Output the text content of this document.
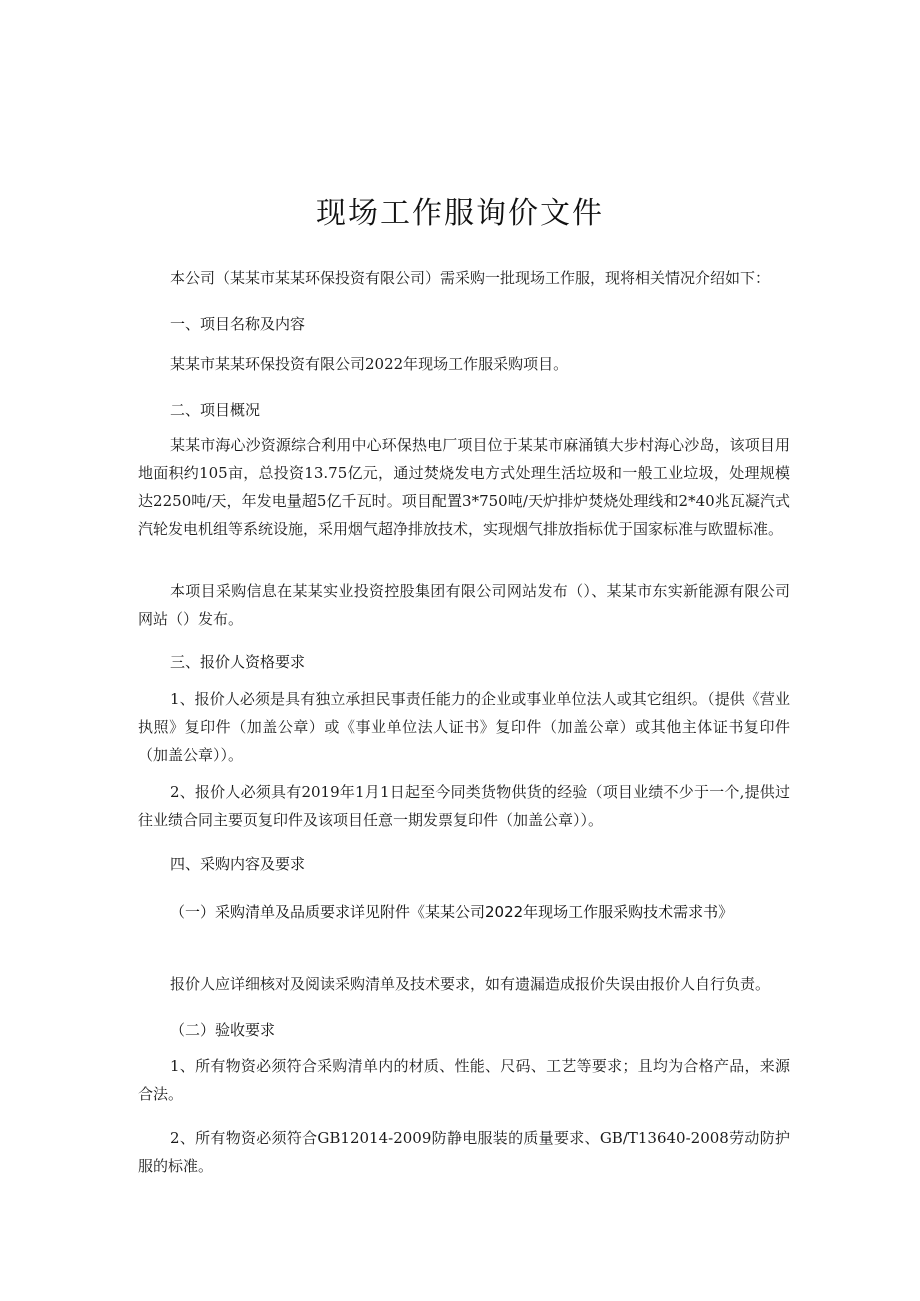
现场工作服询价文件

本公司（某某市某某环保投资有限公司）需采购一批现场工作服，现将相关情况介绍如下：

一、项目名称及内容

某某市某某环保投资有限公司2022年现场工作服采购项目。

二、项目概况

某某市海心沙资源综合利用中心环保热电厂项目位于某某市麻涌镇大步村海心沙岛，该项目用地面积约105亩，总投资13.75亿元，通过焚烧发电方式处理生活垃圾和一般工业垃圾，处理规模达2250吨/天，年发电量超5亿千瓦时。项目配置3*750吨/天炉排炉焚烧处理线和2*40兆瓦凝汽式汽轮发电机组等系统设施，采用烟气超净排放技术，实现烟气排放指标优于国家标准与欧盟标准。

本项目采购信息在某某实业投资控股集团有限公司网站发布（）、某某市东实新能源有限公司网站（）发布。

三、报价人资格要求

1、报价人必须是具有独立承担民事责任能力的企业或事业单位法人或其它组织。（提供《营业执照》复印件（加盖公章）或《事业单位法人证书》复印件（加盖公章）或其他主体证书复印件（加盖公章））。

2、报价人必须具有2019年1月1日起至今同类货物供货的经验（项目业绩不少于一个,提供过往业绩合同主要页复印件及该项目任意一期发票复印件（加盖公章））。

四、采购内容及要求
（一）采购清单及品质要求详见附件《某某公司2022年现场工作服采购技术需求书》

报价人应详细核对及阅读采购清单及技术要求，如有遗漏造成报价失误由报价人自行负责。

（二）验收要求

1、所有物资必须符合采购清单内的材质、性能、尺码、工艺等要求；且均为合格产品，来源合法。

2、所有物资必须符合GB12014-2009防静电服装的质量要求、GB/T13640-2008劳动防护服的标准。
